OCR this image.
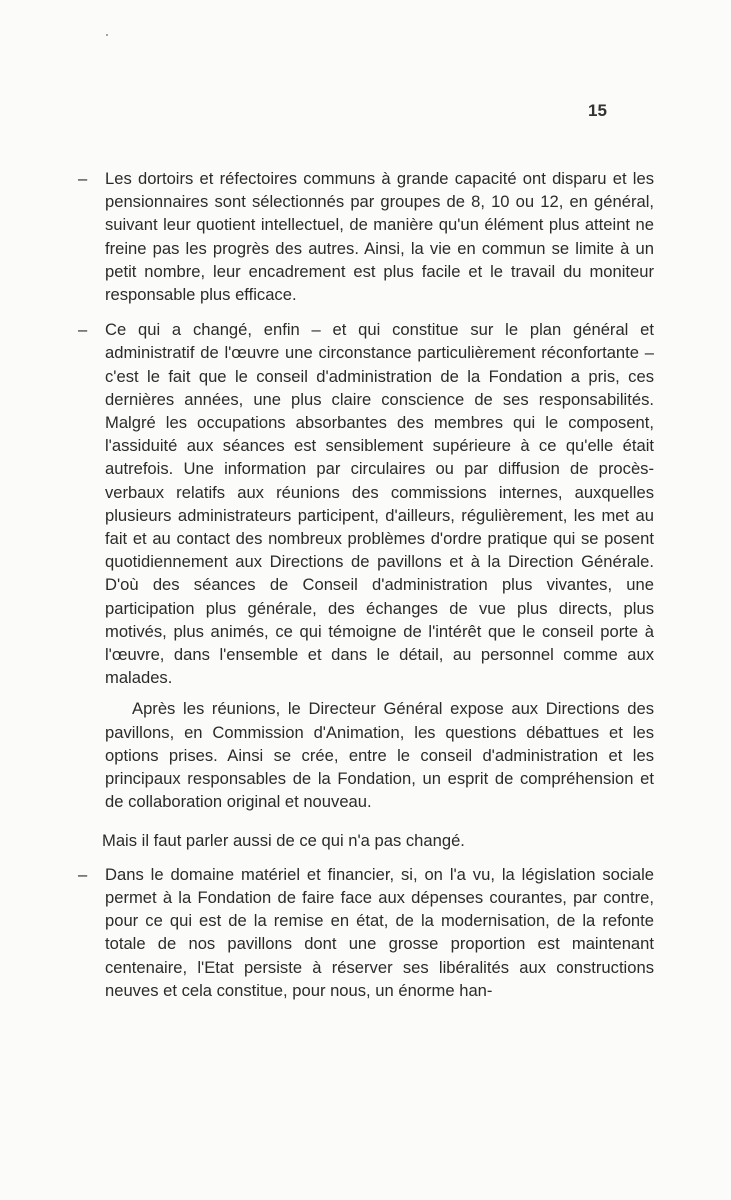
15

– Les dortoirs et réfectoires communs à grande capacité ont disparu et les pensionnaires sont sélectionnés par groupes de 8, 10 ou 12, en général, suivant leur quotient intellectuel, de manière qu'un élément plus atteint ne freine pas les progrès des autres. Ainsi, la vie en commun se limite à un petit nombre, leur encadrement est plus facile et le travail du moniteur responsable plus efficace.

– Ce qui a changé, enfin – et qui constitue sur le plan général et administratif de l'œuvre une circonstance particulièrement réconfortante – c'est le fait que le conseil d'administration de la Fondation a pris, ces dernières années, une plus claire conscience de ses responsabilités. Malgré les occupations absorbantes des membres qui le composent, l'assiduité aux séances est sensiblement supérieure à ce qu'elle était autrefois. Une information par circulaires ou par diffusion de procès-verbaux relatifs aux réunions des commissions internes, auxquelles plusieurs administrateurs participent, d'ailleurs, régulièrement, les met au fait et au contact des nombreux problèmes d'ordre pratique qui se posent quotidiennement aux Directions de pavillons et à la Direction Générale. D'où des séances de Conseil d'administration plus vivantes, une participation plus générale, des échanges de vue plus directs, plus motivés, plus animés, ce qui témoigne de l'intérêt que le conseil porte à l'œuvre, dans l'ensemble et dans le détail, au personnel comme aux malades.

Après les réunions, le Directeur Général expose aux Directions des pavillons, en Commission d'Animation, les questions débattues et les options prises. Ainsi se crée, entre le conseil d'administration et les principaux responsables de la Fondation, un esprit de compréhension et de collaboration original et nouveau.

Mais il faut parler aussi de ce qui n'a pas changé.

– Dans le domaine matériel et financier, si, on l'a vu, la législation sociale permet à la Fondation de faire face aux dépenses courantes, par contre, pour ce qui est de la remise en état, de la modernisation, de la refonte totale de nos pavillons dont une grosse proportion est maintenant centenaire, l'Etat persiste à réserver ses libéralités aux constructions neuves et cela constitue, pour nous, un énorme han-
